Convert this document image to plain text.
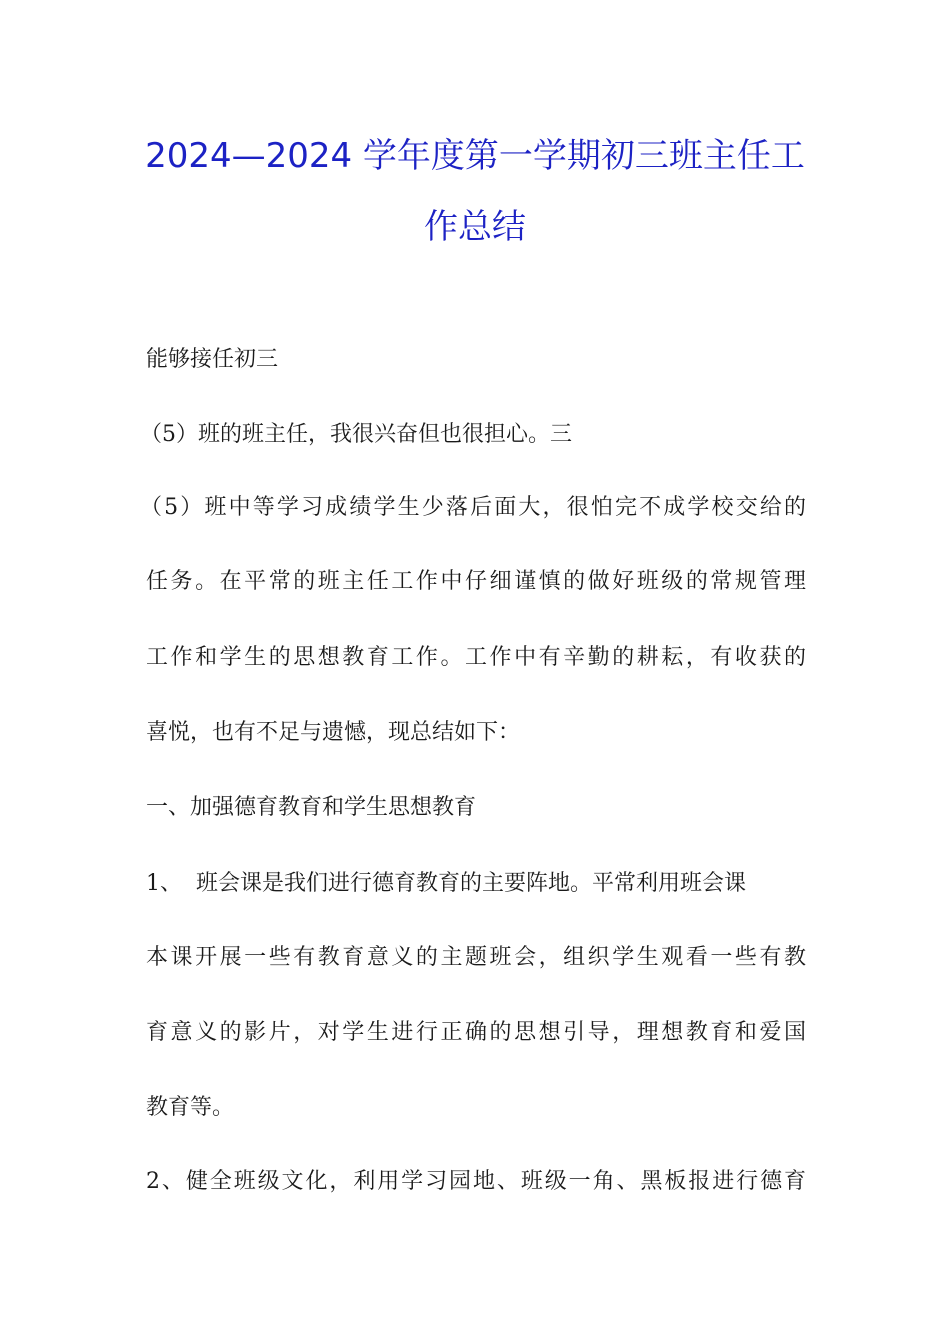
2024—2024 学年度第一学期初三班主任工
作总结

能够接任初三

（5）班的班主任，我很兴奋但也很担心。三

（5）班中等学习成绩学生少落后面大，很怕完不成学校交给的

任务。在平常的班主任工作中仔细谨慎的做好班级的常规管理

工作和学生的思想教育工作。工作中有辛勤的耕耘，有收获的

喜悦，也有不足与遗憾，现总结如下：

一、加强德育教育和学生思想教育

1、  班会课是我们进行德育教育的主要阵地。平常利用班会课

本课开展一些有教育意义的主题班会，组织学生观看一些有教

育意义的影片，对学生进行正确的思想引导，理想教育和爱国

教育等。

2、健全班级文化，利用学习园地、班级一角、黑板报进行德育
